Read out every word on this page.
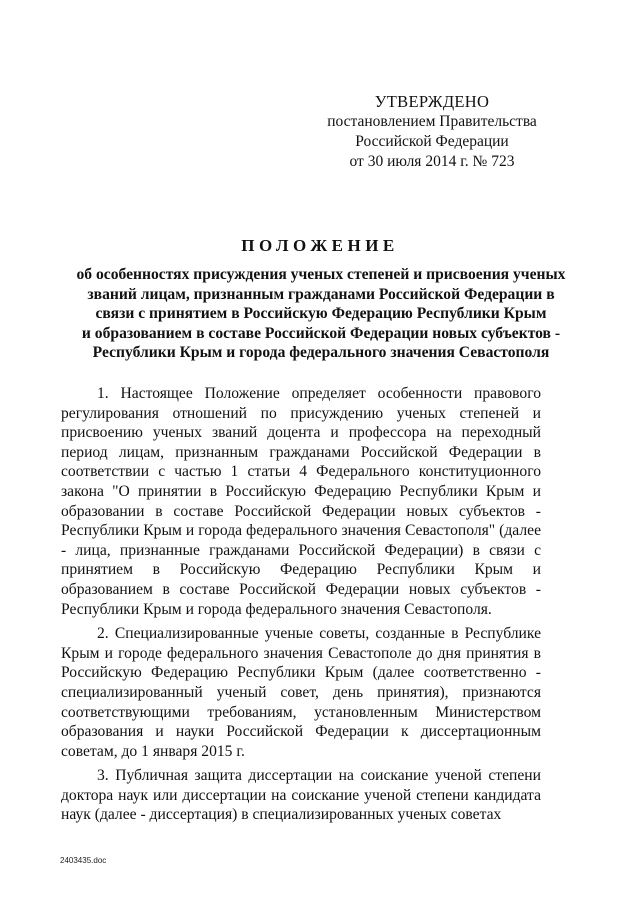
УТВЕРЖДЕНО
постановлением Правительства
Российской Федерации
от 30 июля 2014 г. № 723
ПОЛОЖЕНИЕ
об особенностях присуждения ученых степеней и присвоения ученых
званий лицам, признанным гражданами Российской Федерации в
связи с принятием в Российскую Федерацию Республики Крым
и образованием в составе Российской Федерации новых субъектов -
Республики Крым и города федерального значения Севастополя

1. Настоящее Положение определяет особенности правового регулирования отношений по присуждению ученых степеней и присвоению ученых званий доцента и профессора на переходный период лицам, признанным гражданами Российской Федерации в соответствии с частью 1 статьи 4 Федерального конституционного закона "О принятии в Российскую Федерацию Республики Крым и образовании в составе Российской Федерации новых субъектов - Республики Крым и города федерального значения Севастополя" (далее - лица, признанные гражданами Российской Федерации) в связи с принятием в Российскую Федерацию Республики Крым и образованием в составе Российской Федерации новых субъектов - Республики Крым и города федерального значения Севастополя.

2. Специализированные ученые советы, созданные в Республике Крым и городе федерального значения Севастополе до дня принятия в Российскую Федерацию Республики Крым (далее соответственно - специализированный ученый совет, день принятия), признаются соответствующими требованиям, установленным Министерством образования и науки Российской Федерации к диссертационным советам, до 1 января 2015 г.

3. Публичная защита диссертации на соискание ученой степени доктора наук или диссертации на соискание ученой степени кандидата наук (далее - диссертация) в специализированных ученых советах

2403435.doc
